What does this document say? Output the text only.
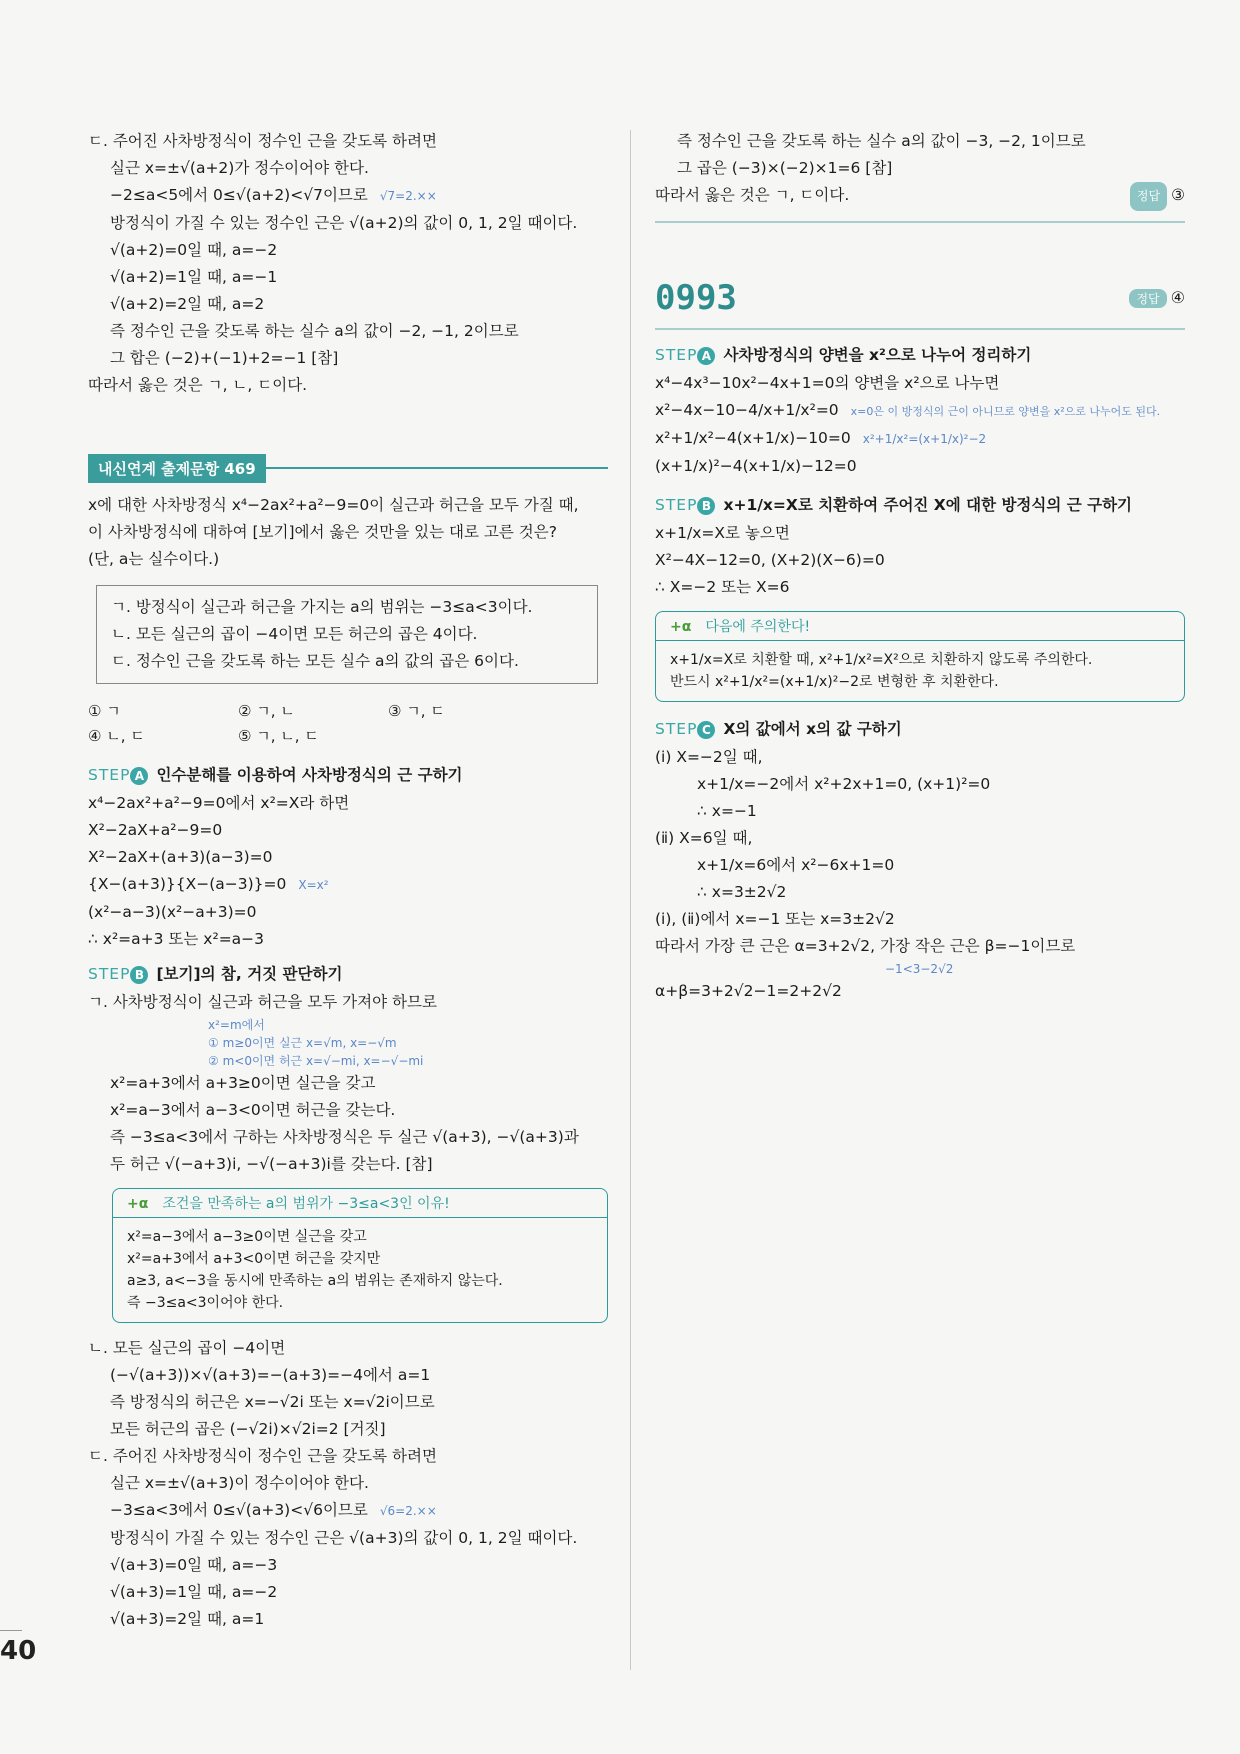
ㄷ. 주어진 사차방정식이 정수인 근을 갖도록 하려면
실근 x=±√(a+2)가 정수이어야 한다.
−2≤a<5에서 0≤√(a+2)<√7이므로 √7=2.××
방정식이 가질 수 있는 정수인 근은 √(a+2)의 값이 0, 1, 2일 때이다.
√(a+2)=0일 때, a=−2
√(a+2)=1일 때, a=−1
√(a+2)=2일 때, a=2
즉 정수인 근을 갖도록 하는 실수 a의 값이 −2, −1, 2이므로
그 합은 (−2)+(−1)+2=−1 [참]
따라서 옳은 것은 ㄱ, ㄴ, ㄷ이다.
내신연계 출제문항 469
x에 대한 사차방정식 x⁴−2ax²+a²−9=0이 실근과 허근을 모두 가질 때,
이 사차방정식에 대하여 [보기]에서 옳은 것만을 있는 대로 고른 것은?
(단, a는 실수이다.)
ㄱ. 방정식이 실근과 허근을 가지는 a의 범위는 −3≤a<3이다.
ㄴ. 모든 실근의 곱이 −4이면 모든 허근의 곱은 4이다.
ㄷ. 정수인 근을 갖도록 하는 모든 실수 a의 값의 곱은 6이다.
① ㄱ	② ㄱ, ㄴ	③ ㄱ, ㄷ
④ ㄴ, ㄷ	⑤ ㄱ, ㄴ, ㄷ
STEP A 인수분해를 이용하여 사차방정식의 근 구하기
x⁴−2ax²+a²−9=0에서 x²=X라 하면
X²−2aX+a²−9=0
X²−2aX+(a+3)(a−3)=0
{X−(a+3)}{X−(a−3)}=0 X=x²
(x²−a−3)(x²−a+3)=0
∴ x²=a+3 또는 x²=a−3
STEP B [보기]의 참, 거짓 판단하기
ㄱ. 사차방정식이 실근과 허근을 모두 가져야 하므로
x²=m에서
① m≥0이면 실근 x=√m, x=−√m
② m<0이면 허근 x=√−mi, x=−√−mi
x²=a+3에서 a+3≥0이면 실근을 갖고
x²=a−3에서 a−3<0이면 허근을 갖는다.
즉 −3≤a<3에서 구하는 사차방정식은 두 실근 √(a+3), −√(a+3)과
두 허근 √(−a+3)i, −√(−a+3)i를 갖는다. [참]
+α 조건을 만족하는 a의 범위가 −3≤a<3인 이유!
x²=a−3에서 a−3≥0이면 실근을 갖고
x²=a+3에서 a+3<0이면 허근을 갖지만
a≥3, a<−3을 동시에 만족하는 a의 범위는 존재하지 않는다.
즉 −3≤a<3이어야 한다.
ㄴ. 모든 실근의 곱이 −4이면
(−√(a+3))×√(a+3)=−(a+3)=−4에서 a=1
즉 방정식의 허근은 x=−√2i 또는 x=√2i이므로
모든 허근의 곱은 (−√2i)×√2i=2 [거짓]
ㄷ. 주어진 사차방정식이 정수인 근을 갖도록 하려면
실근 x=±√(a+3)이 정수이어야 한다.
−3≤a<3에서 0≤√(a+3)<√6이므로 √6=2.××
방정식이 가질 수 있는 정수인 근은 √(a+3)의 값이 0, 1, 2일 때이다.
√(a+3)=0일 때, a=−3
√(a+3)=1일 때, a=−2
√(a+3)=2일 때, a=1
즉 정수인 근을 갖도록 하는 실수 a의 값이 −3, −2, 1이므로
그 곱은 (−3)×(−2)×1=6 [참]
따라서 옳은 것은 ㄱ, ㄷ이다.	정답 ③
0993	정답 ④
STEP A 사차방정식의 양변을 x²으로 나누어 정리하기
x⁴−4x³−10x²−4x+1=0의 양변을 x²으로 나누면
x²−4x−10−4/x+1/x²=0 x=0은 이 방정식의 근이 아니므로 양변을 x²으로 나누어도 된다.
x²+1/x²−4(x+1/x)−10=0 x²+1/x²=(x+1/x)²−2
(x+1/x)²−4(x+1/x)−12=0
STEP B x+1/x=X로 치환하여 주어진 X에 대한 방정식의 근 구하기
x+1/x=X로 놓으면
X²−4X−12=0, (X+2)(X−6)=0
∴ X=−2 또는 X=6
+α 다음에 주의한다!
x+1/x=X로 치환할 때, x²+1/x²=X²으로 치환하지 않도록 주의한다.
반드시 x²+1/x²=(x+1/x)²−2로 변형한 후 치환한다.
STEP C X의 값에서 x의 값 구하기
(ⅰ) X=−2일 때,
x+1/x=−2에서 x²+2x+1=0, (x+1)²=0
∴ x=−1
(ⅱ) X=6일 때,
x+1/x=6에서 x²−6x+1=0
∴ x=3±2√2
(ⅰ), (ⅱ)에서 x=−1 또는 x=3±2√2
따라서 가장 큰 근은 α=3+2√2, 가장 작은 근은 β=−1이므로
−1<3−2√2
α+β=3+2√2−1=2+2√2
40
